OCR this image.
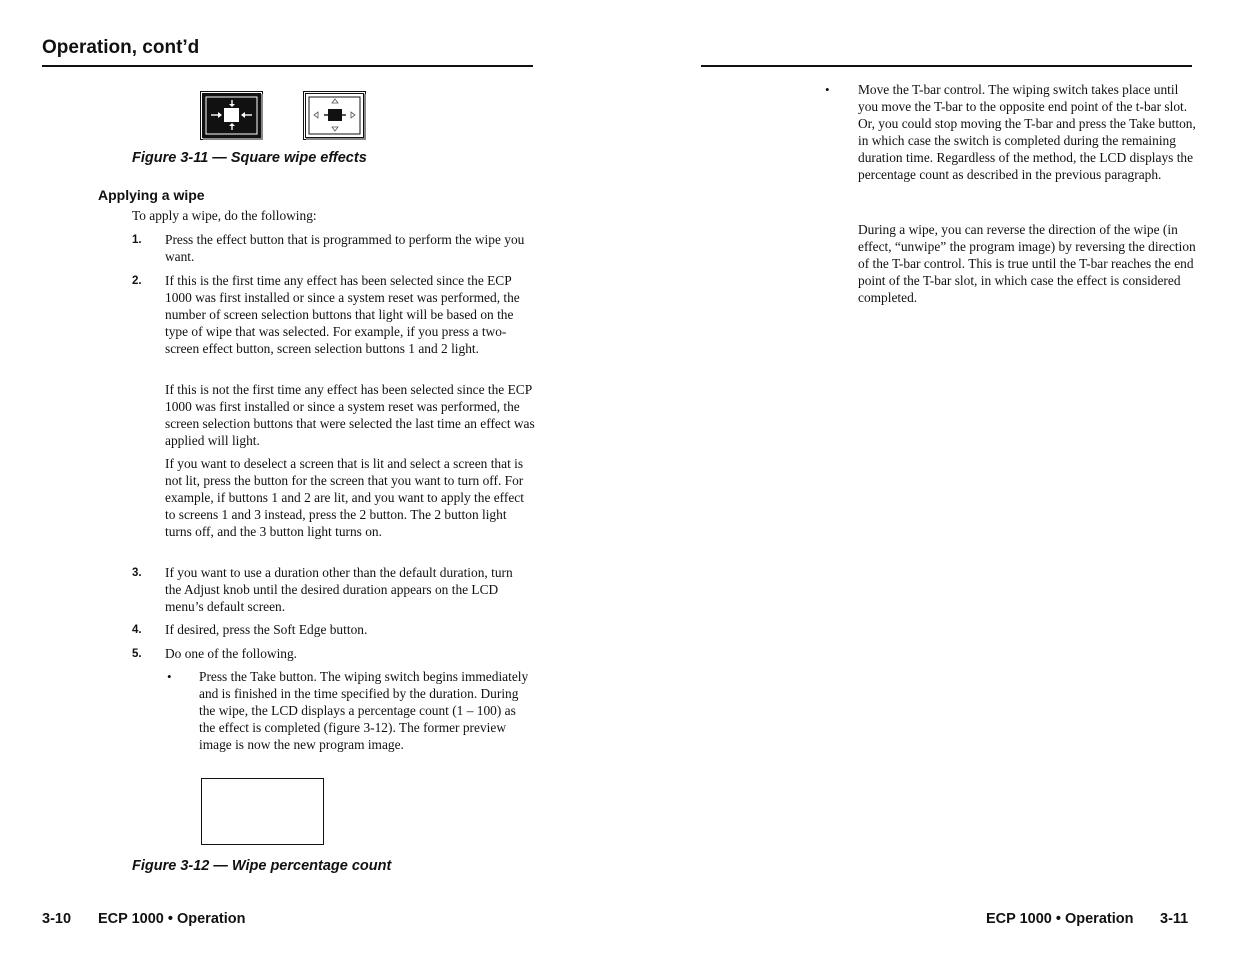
Operation, cont’d
Figure 3-11 — Square wipe effects
Applying a wipe
To apply a wipe, do the following:
1. Press the effect button that is programmed to perform the wipe you want.
2. If this is the first time any effect has been selected since the ECP 1000 was first installed or since a system reset was performed, the number of screen selection buttons that light will be based on the type of wipe that was selected. For example, if you press a two-screen effect button, screen selection buttons 1 and 2 light.
If this is not the first time any effect has been selected since the ECP 1000 was first installed or since a system reset was performed, the screen selection buttons that were selected the last time an effect was applied will light.
If you want to deselect a screen that is lit and select a screen that is not lit, press the button for the screen that you want to turn off. For example, if buttons 1 and 2 are lit, and you want to apply the effect to screens 1 and 3 instead, press the 2 button. The 2 button light turns off, and the 3 button light turns on.
3. If you want to use a duration other than the default duration, turn the Adjust knob until the desired duration appears on the LCD menu’s default screen.
4. If desired, press the Soft Edge button.
5. Do one of the following.
• Press the Take button. The wiping switch begins immediately and is finished in the time specified by the duration. During the wipe, the LCD displays a percentage count (1 – 100) as the effect is completed (figure 3-12). The former preview image is now the new program image.
Figure 3-12 — Wipe percentage count
• Move the T-bar control. The wiping switch takes place until you move the T-bar to the opposite end point of the t-bar slot. Or, you could stop moving the T-bar and press the Take button, in which case the switch is completed during the remaining duration time. Regardless of the method, the LCD displays the percentage count as described in the previous paragraph.
During a wipe, you can reverse the direction of the wipe (in effect, “unwipe” the program image) by reversing the direction of the T-bar control. This is true until the T-bar reaches the end point of the T-bar slot, in which case the effect is considered completed.
3-10 ECP 1000 • Operation	ECP 1000 • Operation 3-11
